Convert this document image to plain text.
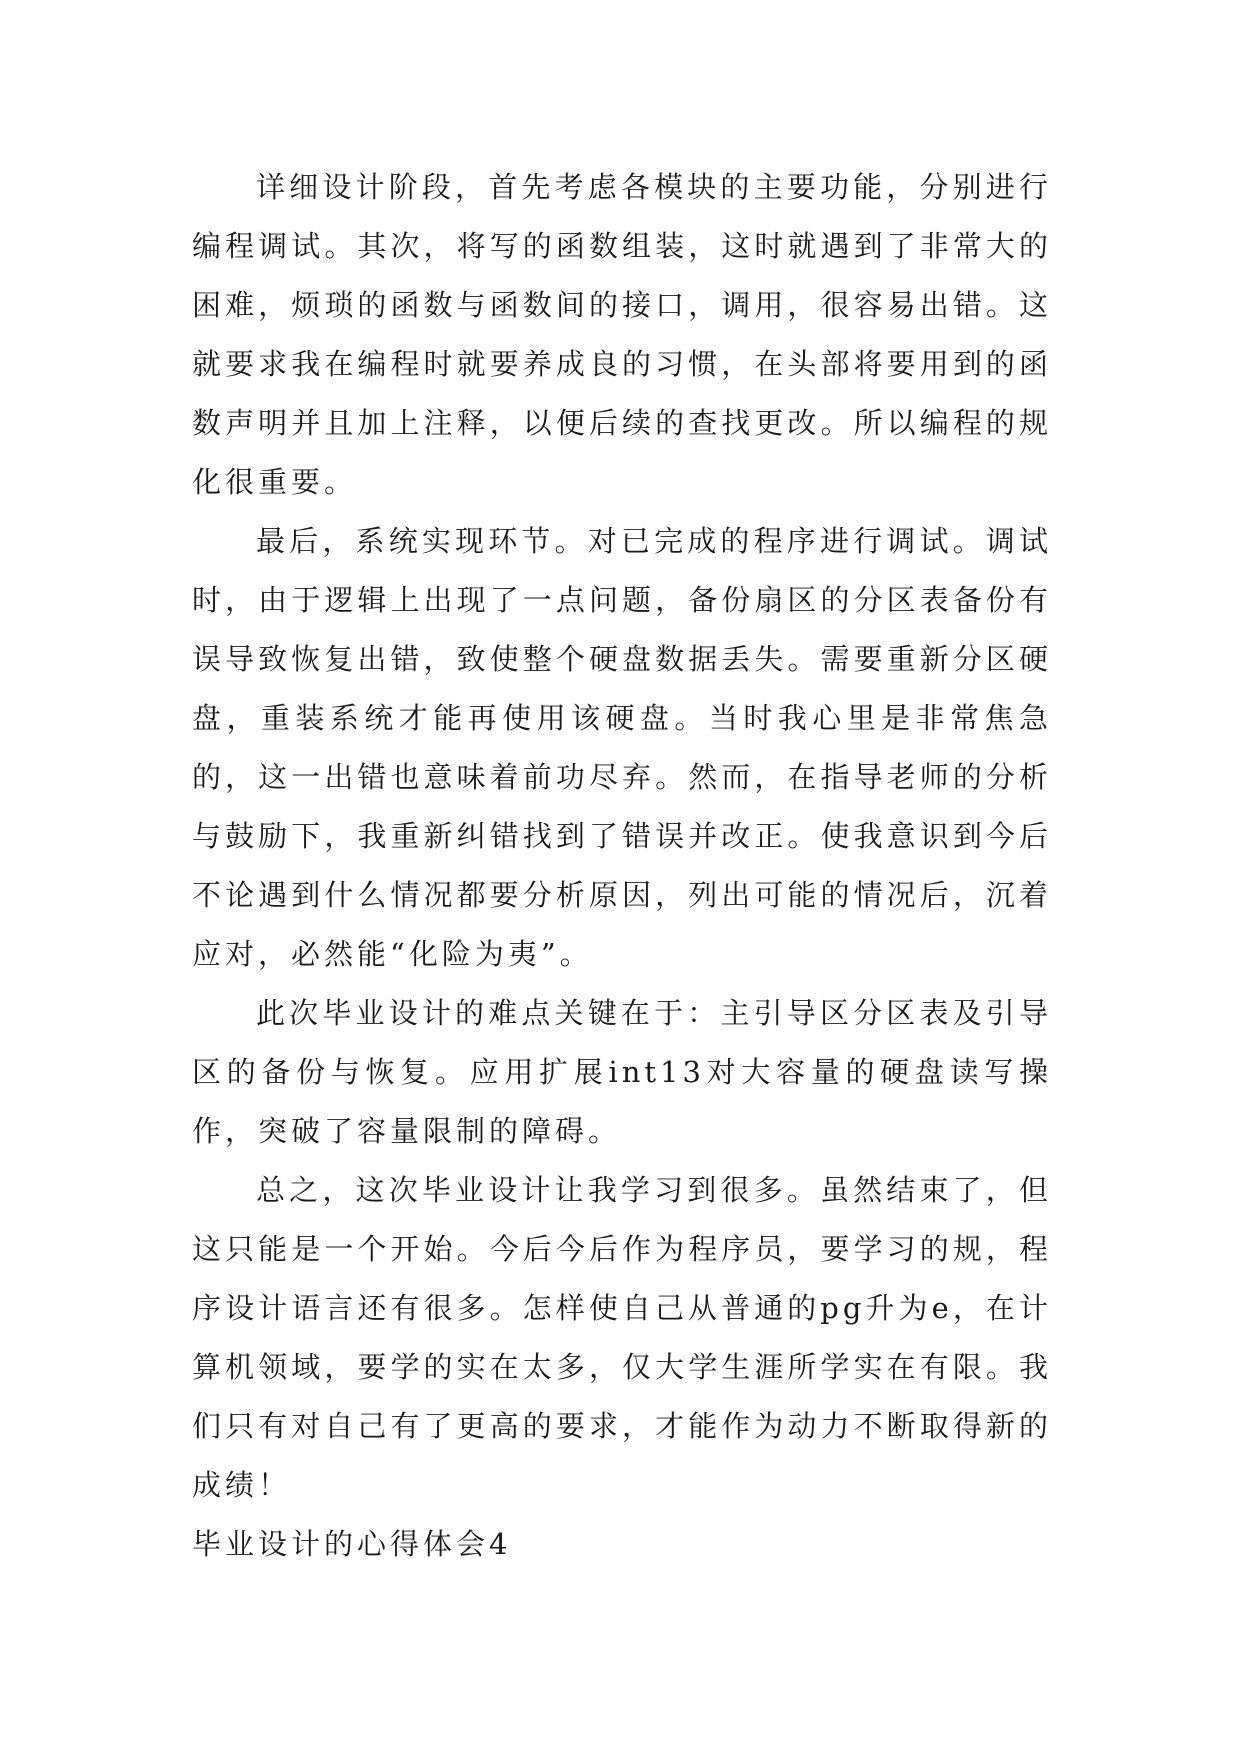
详细设计阶段，首先考虑各模块的主要功能，分别进行编程调试。其次，将写的函数组装，这时就遇到了非常大的困难，烦琐的函数与函数间的接口，调用，很容易出错。这就要求我在编程时就要养成良的习惯，在头部将要用到的函数声明并且加上注释，以便后续的查找更改。所以编程的规化很重要。

最后，系统实现环节。对已完成的程序进行调试。调试时，由于逻辑上出现了一点问题，备份扇区的分区表备份有误导致恢复出错，致使整个硬盘数据丢失。需要重新分区硬盘，重装系统才能再使用该硬盘。当时我心里是非常焦急的，这一出错也意味着前功尽弃。然而，在指导老师的分析与鼓励下，我重新纠错找到了错误并改正。使我意识到今后不论遇到什么情况都要分析原因，列出可能的情况后，沉着应对，必然能“化险为夷”。

此次毕业设计的难点关键在于：主引导区分区表及引导区的备份与恢复。应用扩展int13对大容量的硬盘读写操作，突破了容量限制的障碍。

总之，这次毕业设计让我学习到很多。虽然结束了，但这只能是一个开始。今后今后作为程序员，要学习的规，程序设计语言还有很多。怎样使自己从普通的pg升为e，在计算机领域，要学的实在太多，仅大学生涯所学实在有限。我们只有对自己有了更高的要求，才能作为动力不断取得新的成绩！

毕业设计的心得体会4
